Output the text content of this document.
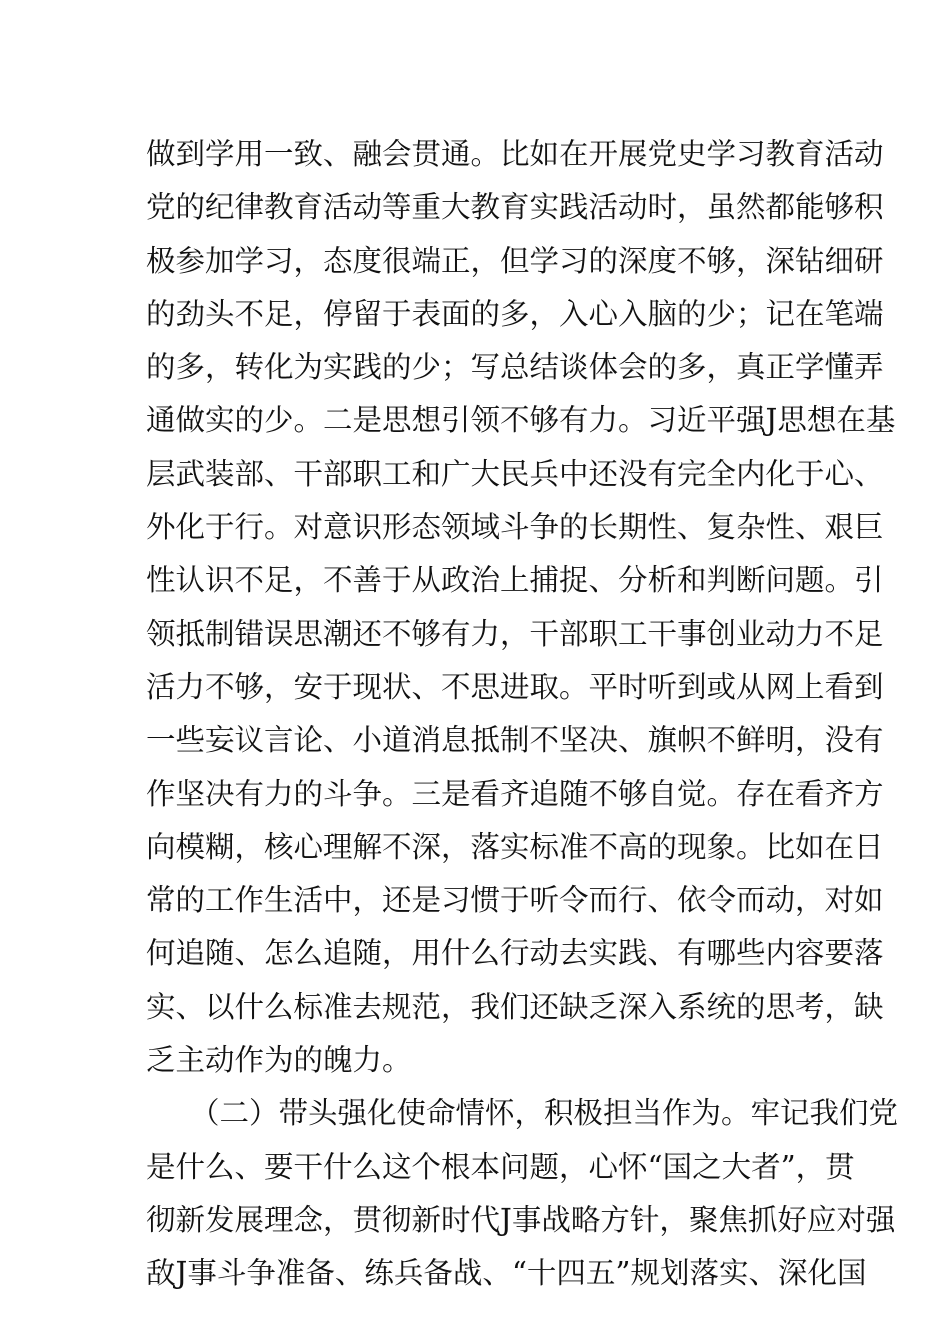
做到学用一致、融会贯通。比如在开展党史学习教育活动
党的纪律教育活动等重大教育实践活动时，虽然都能够积
极参加学习，态度很端正，但学习的深度不够，深钻细研
的劲头不足，停留于表面的多，入心入脑的少；记在笔端
的多，转化为实践的少；写总结谈体会的多，真正学懂弄
通做实的少。二是思想引领不够有力。习近平强J思想在基
层武装部、干部职工和广大民兵中还没有完全内化于心、
外化于行。对意识形态领域斗争的长期性、复杂性、艰巨
性认识不足，不善于从政治上捕捉、分析和判断问题。引
领抵制错误思潮还不够有力，干部职工干事创业动力不足
活力不够，安于现状、不思进取。平时听到或从网上看到
一些妄议言论、小道消息抵制不坚决、旗帜不鲜明，没有
作坚决有力的斗争。三是看齐追随不够自觉。存在看齐方
向模糊，核心理解不深，落实标准不高的现象。比如在日
常的工作生活中，还是习惯于听令而行、依令而动，对如
何追随、怎么追随，用什么行动去实践、有哪些内容要落
实、以什么标准去规范，我们还缺乏深入系统的思考，缺
乏主动作为的魄力。
（二）带头强化使命情怀，积极担当作为。牢记我们党
是什么、要干什么这个根本问题，心怀“国之大者”，贯
彻新发展理念，贯彻新时代J事战略方针，聚焦抓好应对强
敌J事斗争准备、练兵备战、“十四五”规划落实、深化国
